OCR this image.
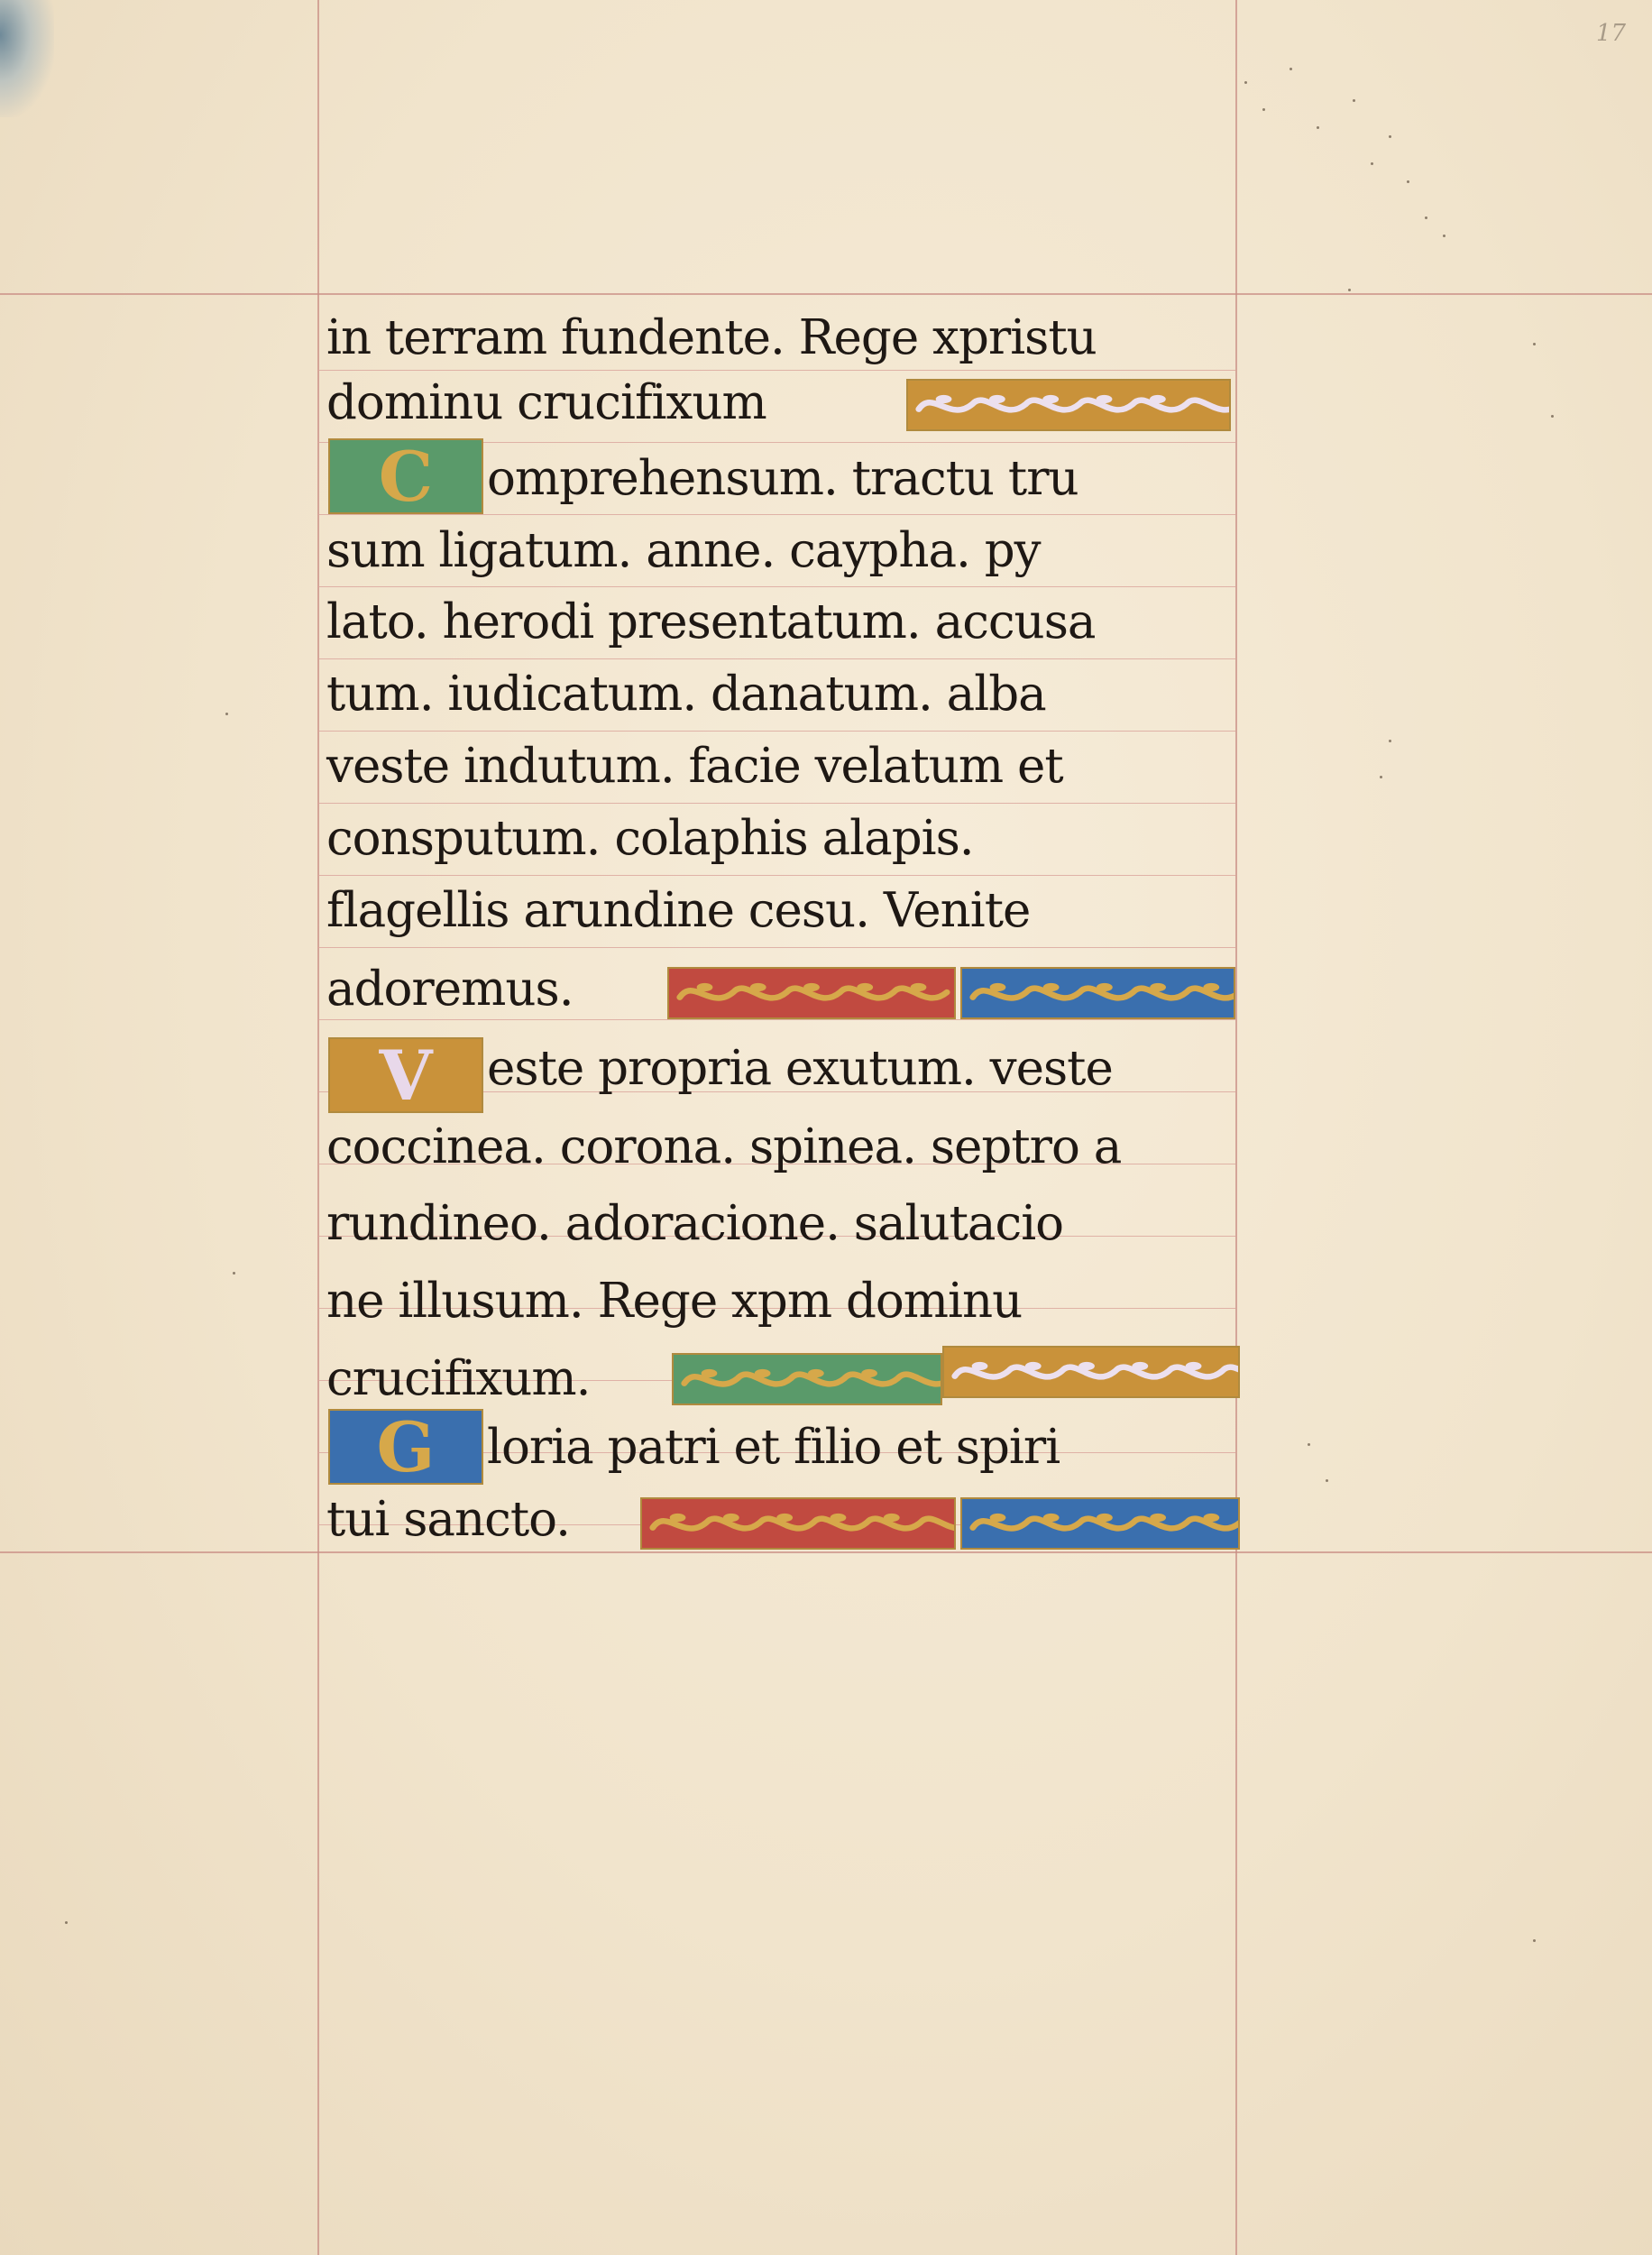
17
in terram fundente. Rege xpristu
dominu crucifixum
C omprehensum. tractu tru
sum ligatum. anne. caypha. py
lato. herodi presentatum. accusa
tum. iudicatum. danatum. alba
veste indutum. facie velatum et
consputum. colaphis alapis.
flagellis arundine cesu. Venite
adoremus.
V este propria exutum. veste
coccinea. corona. spinea. septro a
rundineo. adoracione. salutacio
ne illusum. Rege xpm dominu
crucifixum.
G loria patri et filio et spiri
tui sancto.
